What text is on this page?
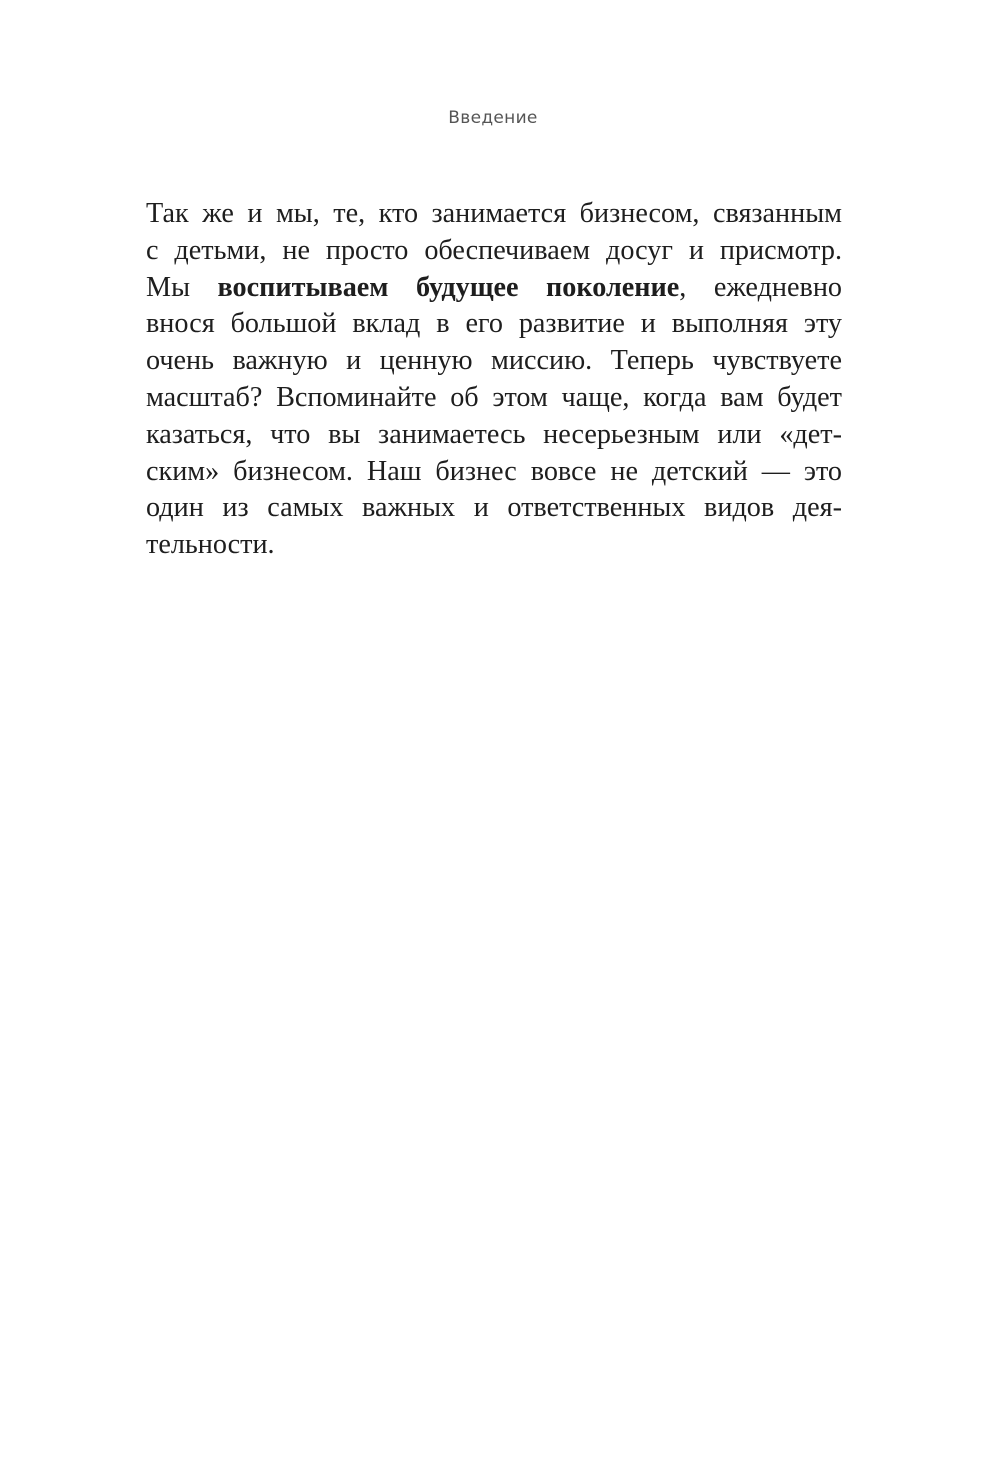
Введение
Так же и мы, те, кто занимается бизнесом, связанным
с детьми, не просто обеспечиваем досуг и присмотр.
Мы воспитываем будущее поколение, ежедневно
внося большой вклад в его развитие и выполняя эту
очень важную и ценную миссию. Теперь чувствуете
масштаб? Вспоминайте об этом чаще, когда вам будет
казаться, что вы занимаетесь несерьезным или «дет-
ским» бизнесом. Наш бизнес вовсе не детский — это
один из самых важных и ответственных видов дея-
тельности.
